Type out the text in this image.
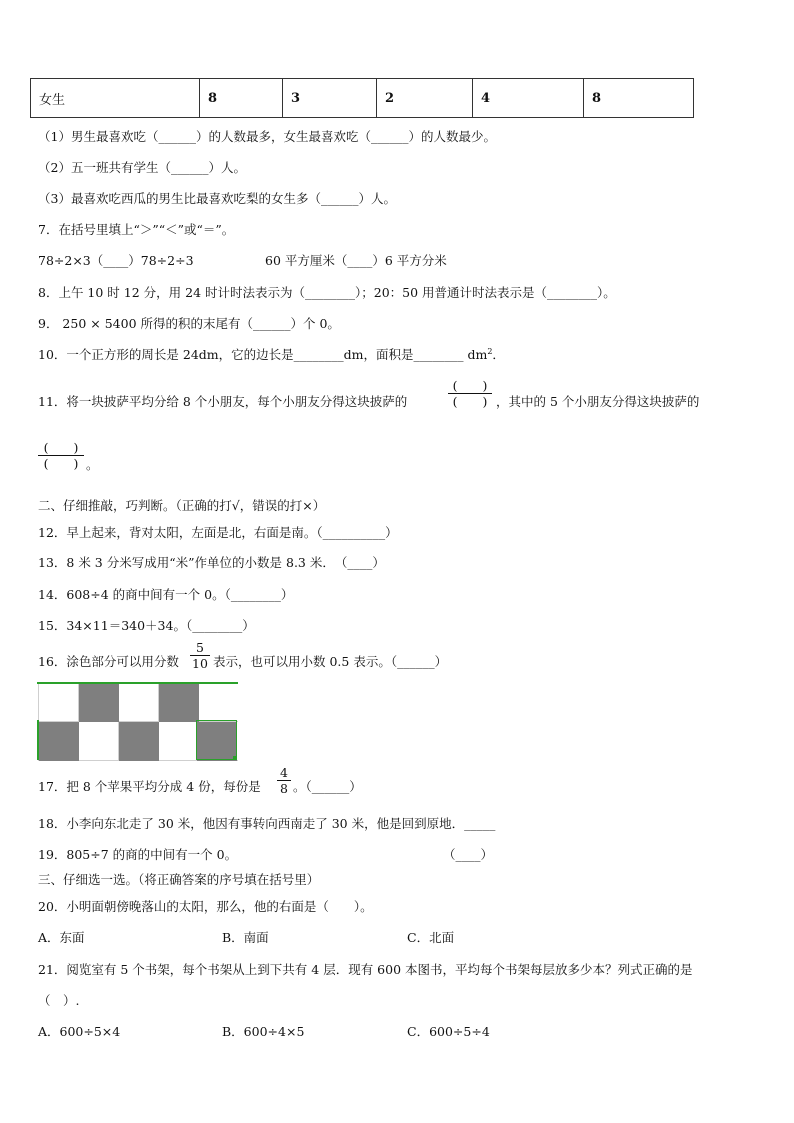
女生	8	3	2	4	8
（1）男生最喜欢吃（______）的人数最多，女生最喜欢吃（______）的人数最少。
（2）五一班共有学生（______）人。
（3）最喜欢吃西瓜的男生比最喜欢吃梨的女生多（______）人。
7．在括号里填上“＞”“＜”或“＝”。
78÷2×3（____）78÷2÷3	60 平方厘米（____）6 平方分米
8．上午 10 时 12 分，用 24 时计时法表示为（________）；20：50 用普通计时法表示是（________）。
9． 250 × 5400 所得的积的末尾有（______）个 0。
10．一个正方形的周长是 24dm，它的边长是________dm，面积是________ $dm^2$．
11．将一块披萨平均分给 8 个小朋友，每个小朋友分得这块披萨的
(　　)
(　　) ，其中的 5 个小朋友分得这块披萨的
(　　)
(　　) 。
二、仔细推敲，巧判断。（正确的打√，错误的打×）
12．早上起来，背对太阳，左面是北，右面是南。（__________）
13．8 米 3 分米写成用“米”作单位的小数是 8.3 米．　（____）
14．608÷4 的商中间有一个 0。（________）
15．34×11＝340＋34。（________）
16．涂色部分可以用分数 $\frac{5}{10}$ 表示，也可以用小数 0.5 表示。（______）
17．把 8 个苹果平均分成 4 份，每份是 $\frac{4}{8}$ 。（______）
18．小李向东北走了 30 米，他因有事转向西南走了 30 米，他是回到原地．_____
19．805÷7 的商的中间有一个 0。	（____）
三、仔细选一选。（将正确答案的序号填在括号里）
20．小明面朝傍晚落山的太阳，那么，他的右面是（　　）。
A．东面	B．南面	C．北面
21．阅览室有 5 个书架，每个书架从上到下共有 4 层．现有 600 本图书，平均每个书架每层放多少本？列式正确的是
（　）.
A．600÷5×4	B．600÷4×5	C．600÷5÷4
